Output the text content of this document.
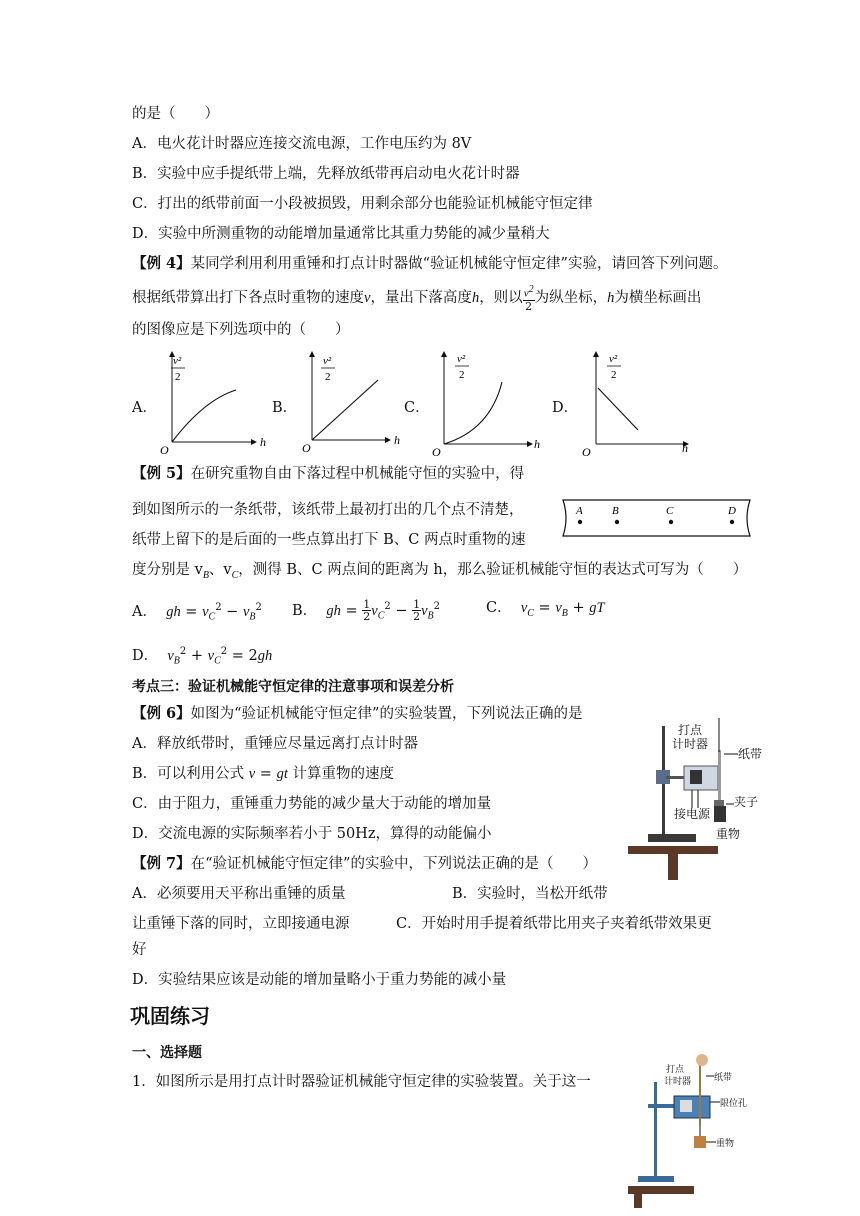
的是（　　）
A．电火花计时器应连接交流电源，工作电压约为 8V
B．实验中应手提纸带上端，先释放纸带再启动电火花计时器
C．打出的纸带前面一小段被损毁，用剩余部分也能验证机械能守恒定律
D．实验中所测重物的动能增加量通常比其重力势能的减少量稍大
【例 4】某同学利用利用重锤和打点计时器做“验证机械能守恒定律”实验，请回答下列问题。
根据纸带算出打下各点时重物的速度v，量出下落高度h，则以 $\frac{v^2}{2}$ 为纵坐标，h为横坐标画出
的图像应是下列选项中的（　　）
A．	B．	C．	D．
v²
2
O
h
v²
2
O
h
v²
2
O
h
v²
2
O	h
【例 5】在研究重物自由下落过程中机械能守恒的实验中，得
到如图所示的一条纸带，该纸带上最初打出的几个点不清楚，
纸带上留下的是后面的一些点算出打下 B、C 两点时重物的速
度分别是 $v_B$、$v_C$，测得 B、C 两点间的距离为 h，那么验证机械能守恒的表达式可写为（　　）
A	B	C	D
A． gh = $v_C^2 - v_B^2$ B． gh = $\frac{1}{2} v_C^2 - \frac{1}{2} v_B^2$	C． $v_C = v_B$ + gT
D． $v_B^2 + v_C^2 = 2gh$
考点三：验证机械能守恒定律的注意事项和误差分析
【例 6】如图为“验证机械能守恒定律”的实验装置，下列说法正确的是
A．释放纸带时，重锤应尽量远离打点计时器
B．可以利用公式 v = gt 计算重物的速度
C．由于阻力，重锤重力势能的减少量大于动能的增加量
D．交流电源的实际频率若小于 50Hz，算得的动能偏小
打点
计时器
纸带
夹子
接电源
重物
【例 7】在“验证机械能守恒定律”的实验中，下列说法正确的是（　　）
A．必须要用天平称出重锤的质量	B．实验时，当松开纸带
让重锤下落的同时，立即接通电源	C．开始时用手提着纸带比用夹子夹着纸带效果更
好
D．实验结果应该是动能的增加量略小于重力势能的减小量
巩固练习
一、选择题
1．如图所示是用打点计时器验证机械能守恒定律的实验装置。关于这一
打点
计时器	纸带
限位孔
重物
